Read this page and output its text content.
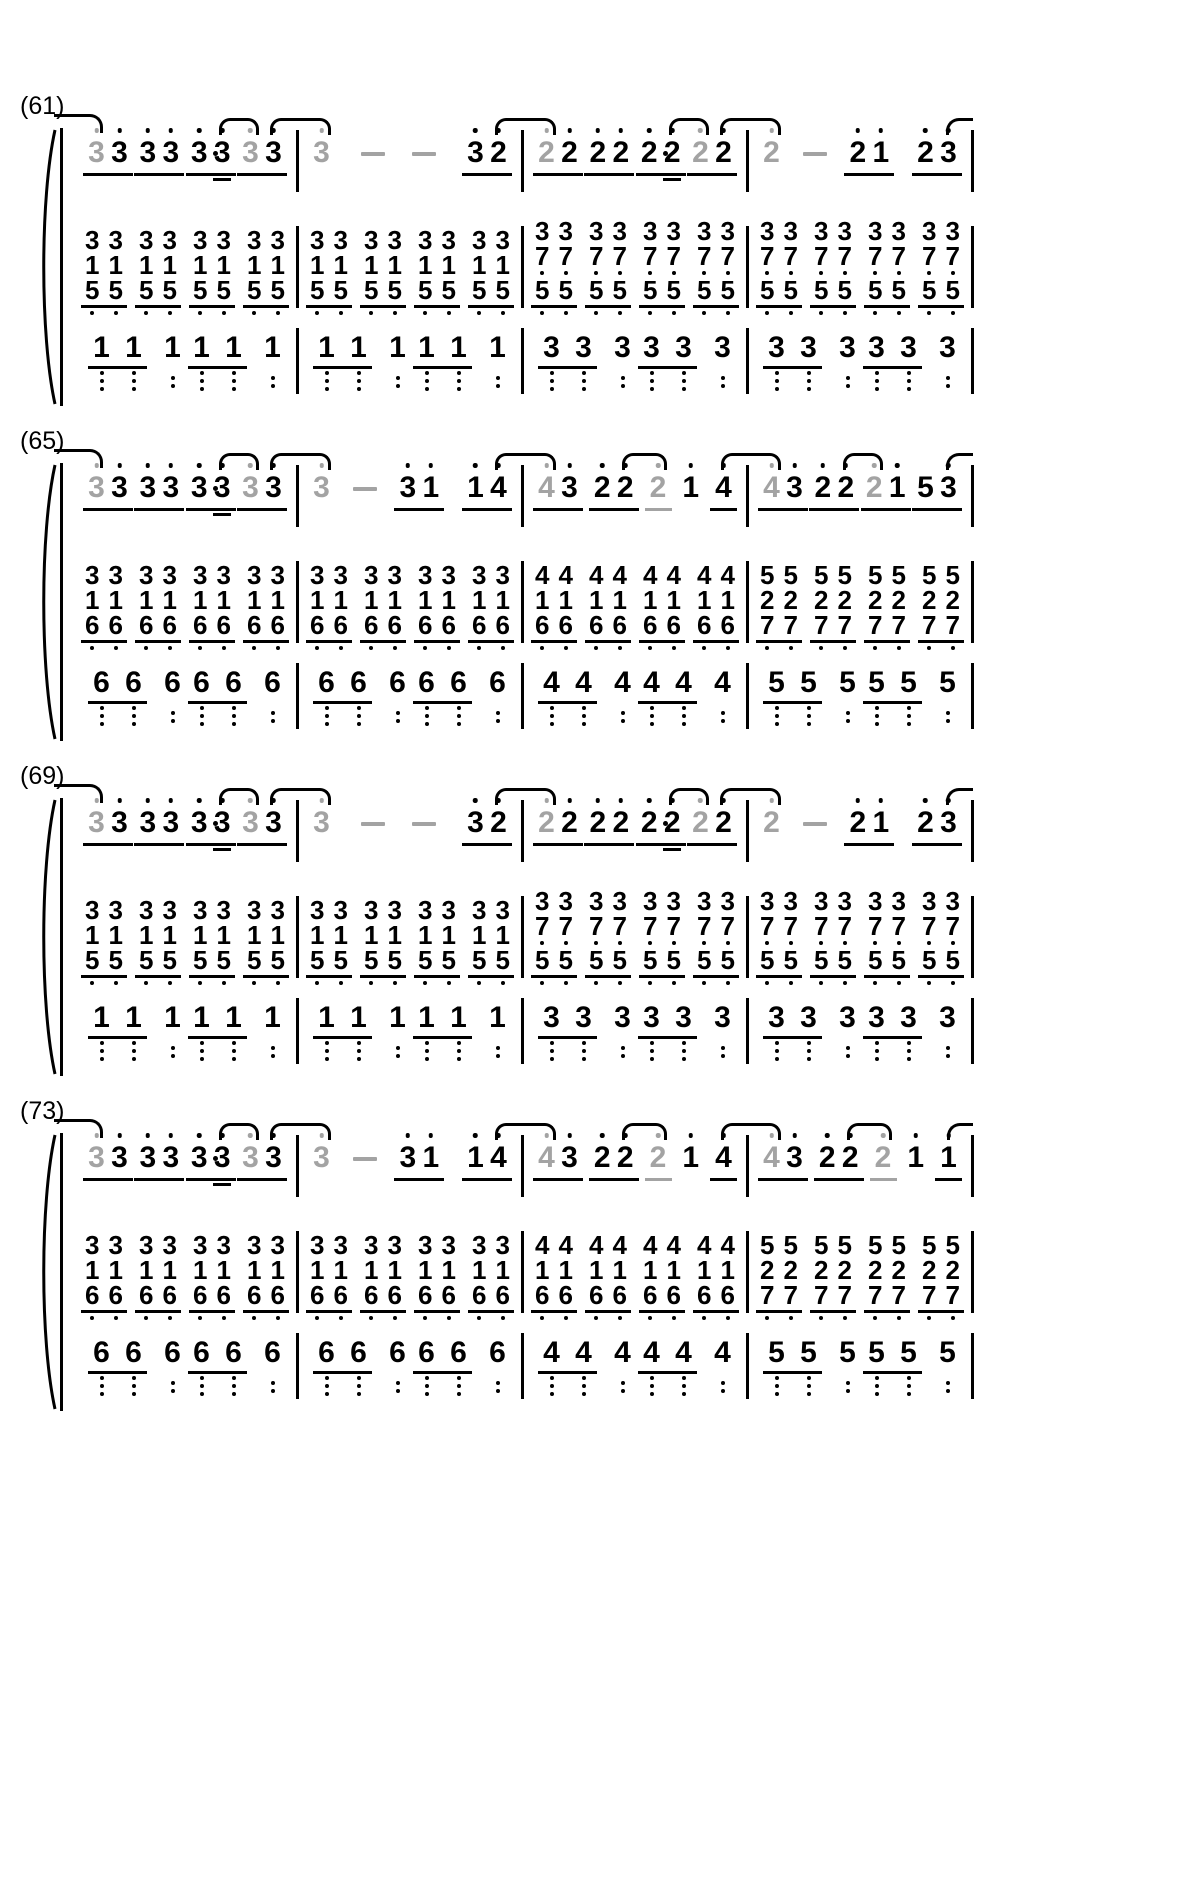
(61)
3 3 3 3 3 3 3 3 3	3 2 2 2 2 2 2 2 2 2 2 2 1 2 3
3
1
5
3
1
5
3
1
5
3
1
5
3
1
5
3
1
5
3
1
5
3
1
5
3
1
5
3
1
5
3
1
5
3
1
5
3
1
5
3
1
5
3
1
5
3
1
5
3
7
5
3
7
5
3
7
5
3
7
5
3
7
5
3
7
5
3
7
5
3
7
5
3
7
5
3
7
5
3
7
5
3
7
5
3
7
5
3
7
5
3
7
5
3
7
5
1 1 1 1 1 1 1 1 1 1 1 1 3 3 3 3 3 3 3 3 3 3 3 3
(65)
3 3 3 3 3 3 3 3 3 3 1 1 4 4 3 2 2 2 1 4 4 3 2 2 2 1 5 3
3
1
6
3
1
6
3
1
6
3
1
6
3
1
6
3
1
6
3
1
6
3
1
6
3
1
6
3
1
6
3
1
6
3
1
6
3
1
6
3
1
6
3
1
6
3
1
6
4
1
6
4
1
6
4
1
6
4
1
6
4
1
6
4
1
6
4
1
6
4
1
6
5
2
7
5
2
7
5
2
7
5
2
7
5
2
7
5
2
7
5
2
7
5
2
7
6 6 6 6 6 6 6 6 6 6 6 6 4 4 4 4 4 4 5 5 5 5 5 5
(69)
3 3 3 3 3 3 3 3 3	3 2 2 2 2 2 2 2 2 2 2 2 1 2 3
3
1
5
3
1
5
3
1
5
3
1
5
3
1
5
3
1
5
3
1
5
3
1
5
3
1
5
3
1
5
3
1
5
3
1
5
3
1
5
3
1
5
3
1
5
3
1
5
3
7
5
3
7
5
3
7
5
3
7
5
3
7
5
3
7
5
3
7
5
3
7
5
3
7
5
3
7
5
3
7
5
3
7
5
3
7
5
3
7
5
3
7
5
3
7
5
1 1 1 1 1 1 1 1 1 1 1 1 3 3 3 3 3 3 3 3 3 3 3 3
(73)
3 3 3 3 3 3 3 3 3 3 1 1 4 4 3 2 2 2 1 4 4 3 2 2 2 1 1
3
1
6
3
1
6
3
1
6
3
1
6
3
1
6
3
1
6
3
1
6
3
1
6
3
1
6
3
1
6
3
1
6
3
1
6
3
1
6
3
1
6
3
1
6
3
1
6
4
1
6
4
1
6
4
1
6
4
1
6
4
1
6
4
1
6
4
1
6
4
1
6
5
2
7
5
2
7
5
2
7
5
2
7
5
2
7
5
2
7
5
2
7
5
2
7
6 6 6 6 6 6 6 6 6 6 6 6 4 4 4 4 4 4 5 5 5 5 5 5
